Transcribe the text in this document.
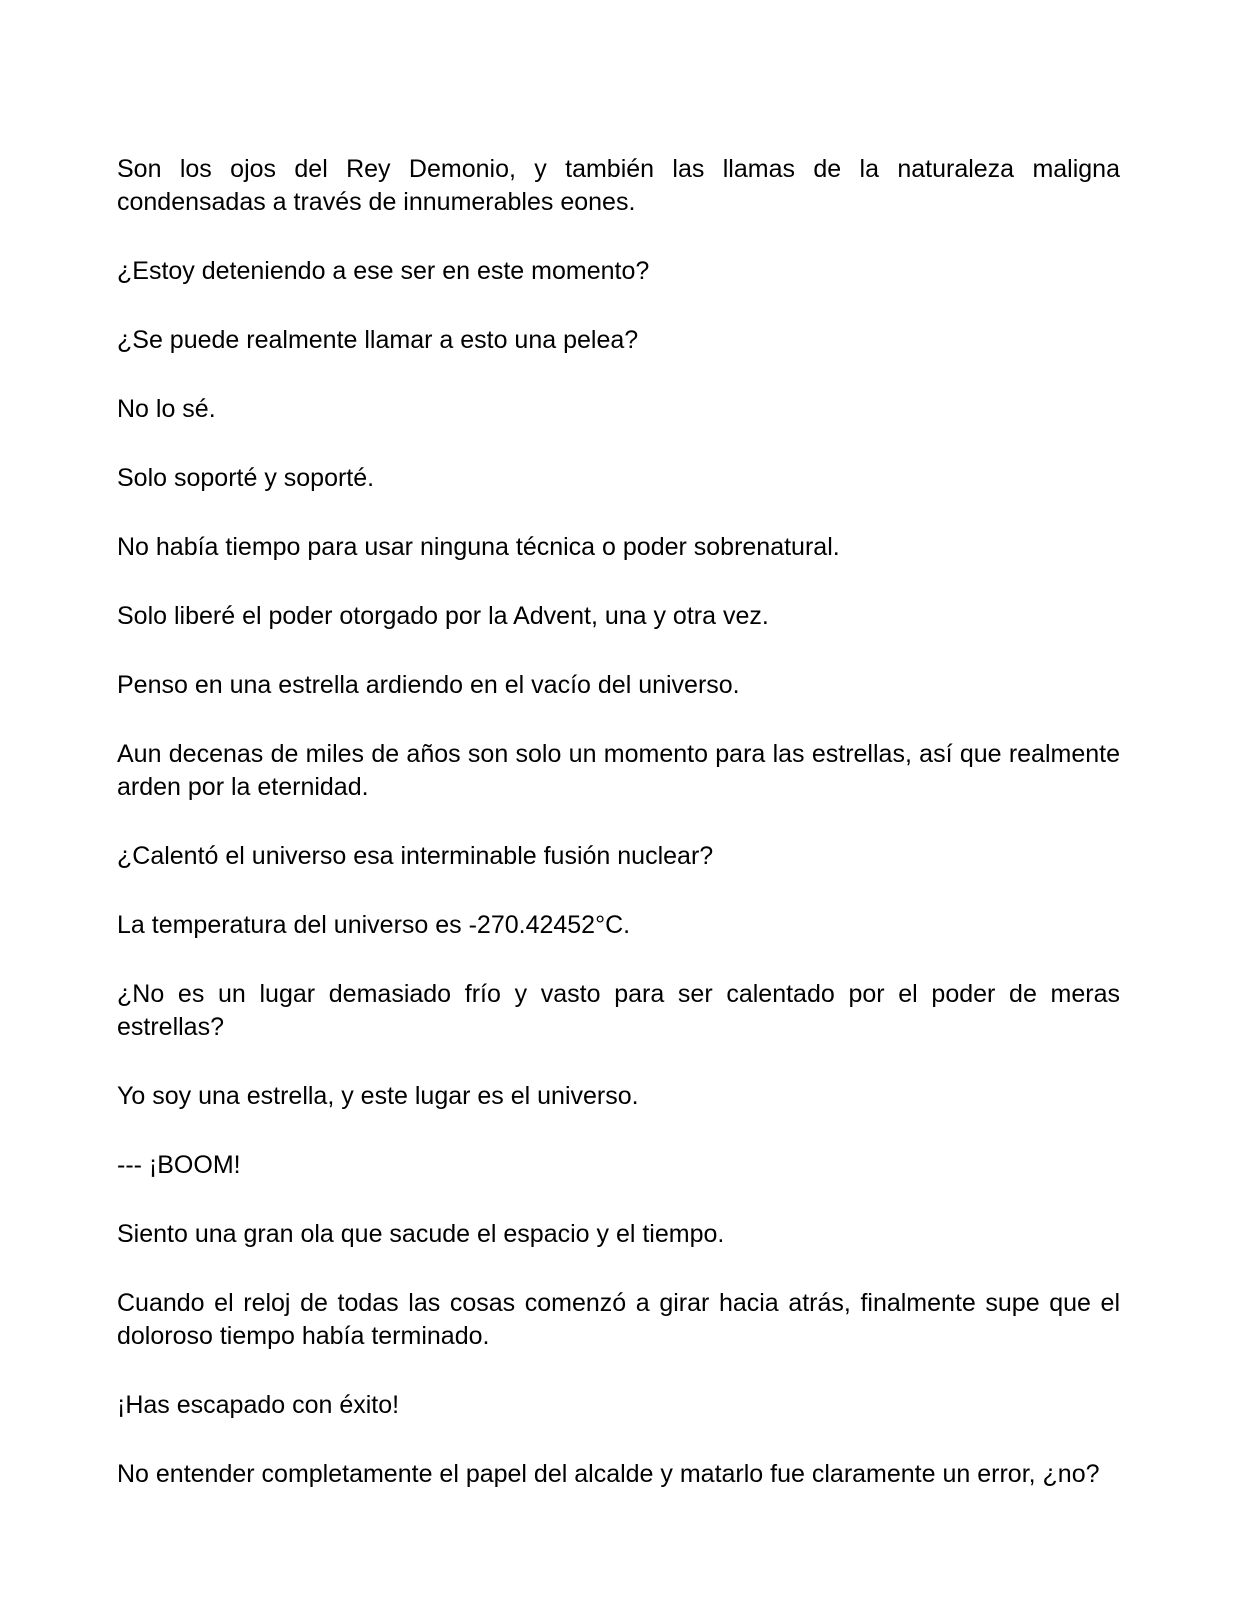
Son los ojos del Rey Demonio, y también las llamas de la naturaleza maligna condensadas a través de innumerables eones.

¿Estoy deteniendo a ese ser en este momento?

¿Se puede realmente llamar a esto una pelea?

No lo sé.

Solo soporté y soporté.

No había tiempo para usar ninguna técnica o poder sobrenatural.

Solo liberé el poder otorgado por la Advent, una y otra vez.

Penso en una estrella ardiendo en el vacío del universo.

Aun decenas de miles de años son solo un momento para las estrellas, así que realmente arden por la eternidad.

¿Calentó el universo esa interminable fusión nuclear?

La temperatura del universo es -270.42452°C.

¿No es un lugar demasiado frío y vasto para ser calentado por el poder de meras estrellas?

Yo soy una estrella, y este lugar es el universo.

--- ¡BOOM!

Siento una gran ola que sacude el espacio y el tiempo.

Cuando el reloj de todas las cosas comenzó a girar hacia atrás, finalmente supe que el doloroso tiempo había terminado.

¡Has escapado con éxito!

No entender completamente el papel del alcalde y matarlo fue claramente un error, ¿no?
